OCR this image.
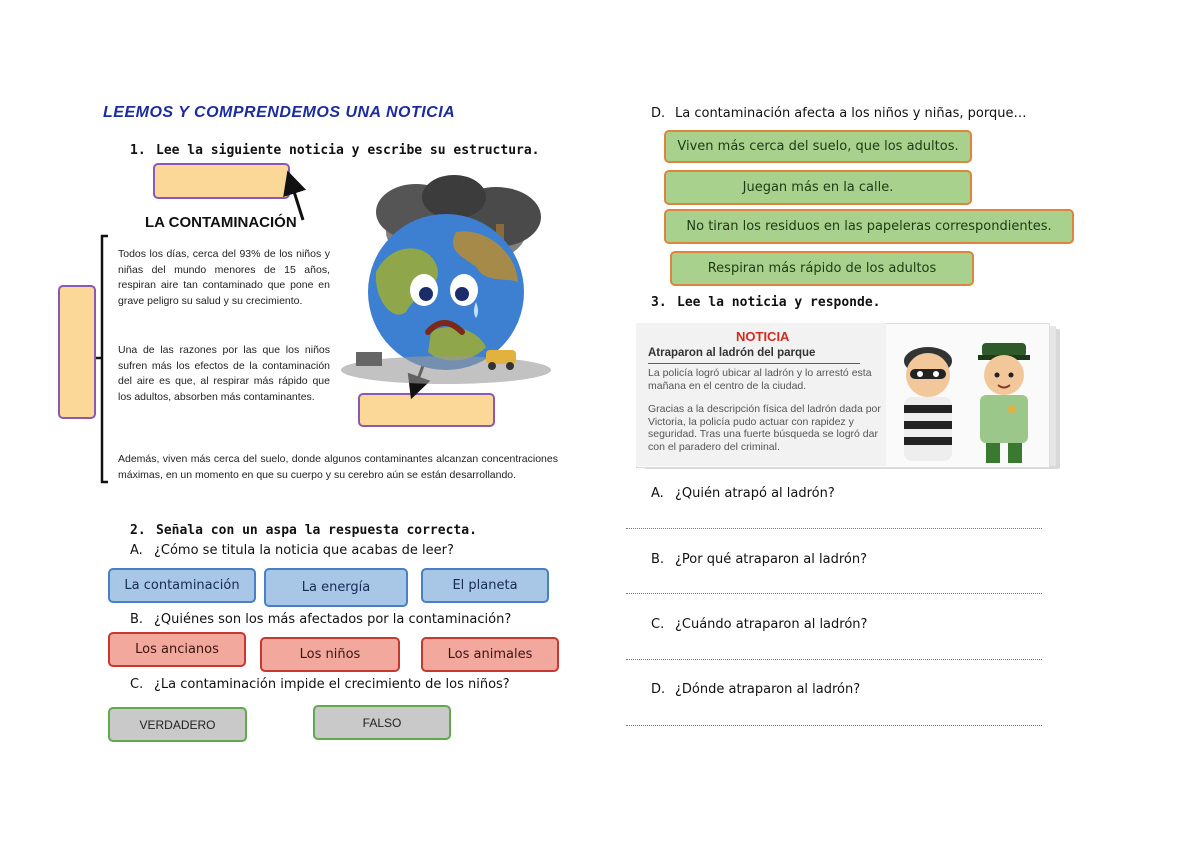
LEEMOS Y COMPRENDEMOS UNA NOTICIA
1. Lee la siguiente noticia y escribe su estructura.
LA CONTAMINACIÓN
Todos los días, cerca del 93% de los niños y niñas del mundo menores de 15 años, respiran aire tan contaminado que pone en grave peligro su salud y su crecimiento.
Una de las razones por las que los niños sufren más los efectos de la contaminación del aire es que, al respirar más rápido que los adultos, absorben más contaminantes.
Además, viven más cerca del suelo, donde algunos contaminantes alcanzan concentraciones máximas, en un momento en que su cuerpo y su cerebro aún se están desarrollando.
2. Señala con un aspa la respuesta correcta.
A. ¿Cómo se titula la noticia que acabas de leer?
La contaminación	La energía	El planeta
B. ¿Quiénes son los más afectados por la contaminación?
Los ancianos	Los niños	Los animales
C. ¿La contaminación impide el crecimiento de los niños?
VERDADERO	FALSO
D. La contaminación afecta a los niños y niñas, porque…
Viven más cerca del suelo, que los adultos.
Juegan más en la calle.
No tiran los residuos en las papeleras correspondientes.
Respiran más rápido de los adultos
3. Lee la noticia y responde.
NOTICIA
Atraparon al ladrón del parque
La policía logró ubicar al ladrón y lo arrestó esta mañana en el centro de la ciudad.
Gracias a la descripción física del ladrón dada por Victoria, la policía pudo actuar con rapidez y seguridad. Tras una fuerte búsqueda se logró dar con el paradero del criminal.
A. ¿Quién atrapó al ladrón?
B. ¿Por qué atraparon al ladrón?
C. ¿Cuándo atraparon al ladrón?
D. ¿Dónde atraparon al ladrón?
